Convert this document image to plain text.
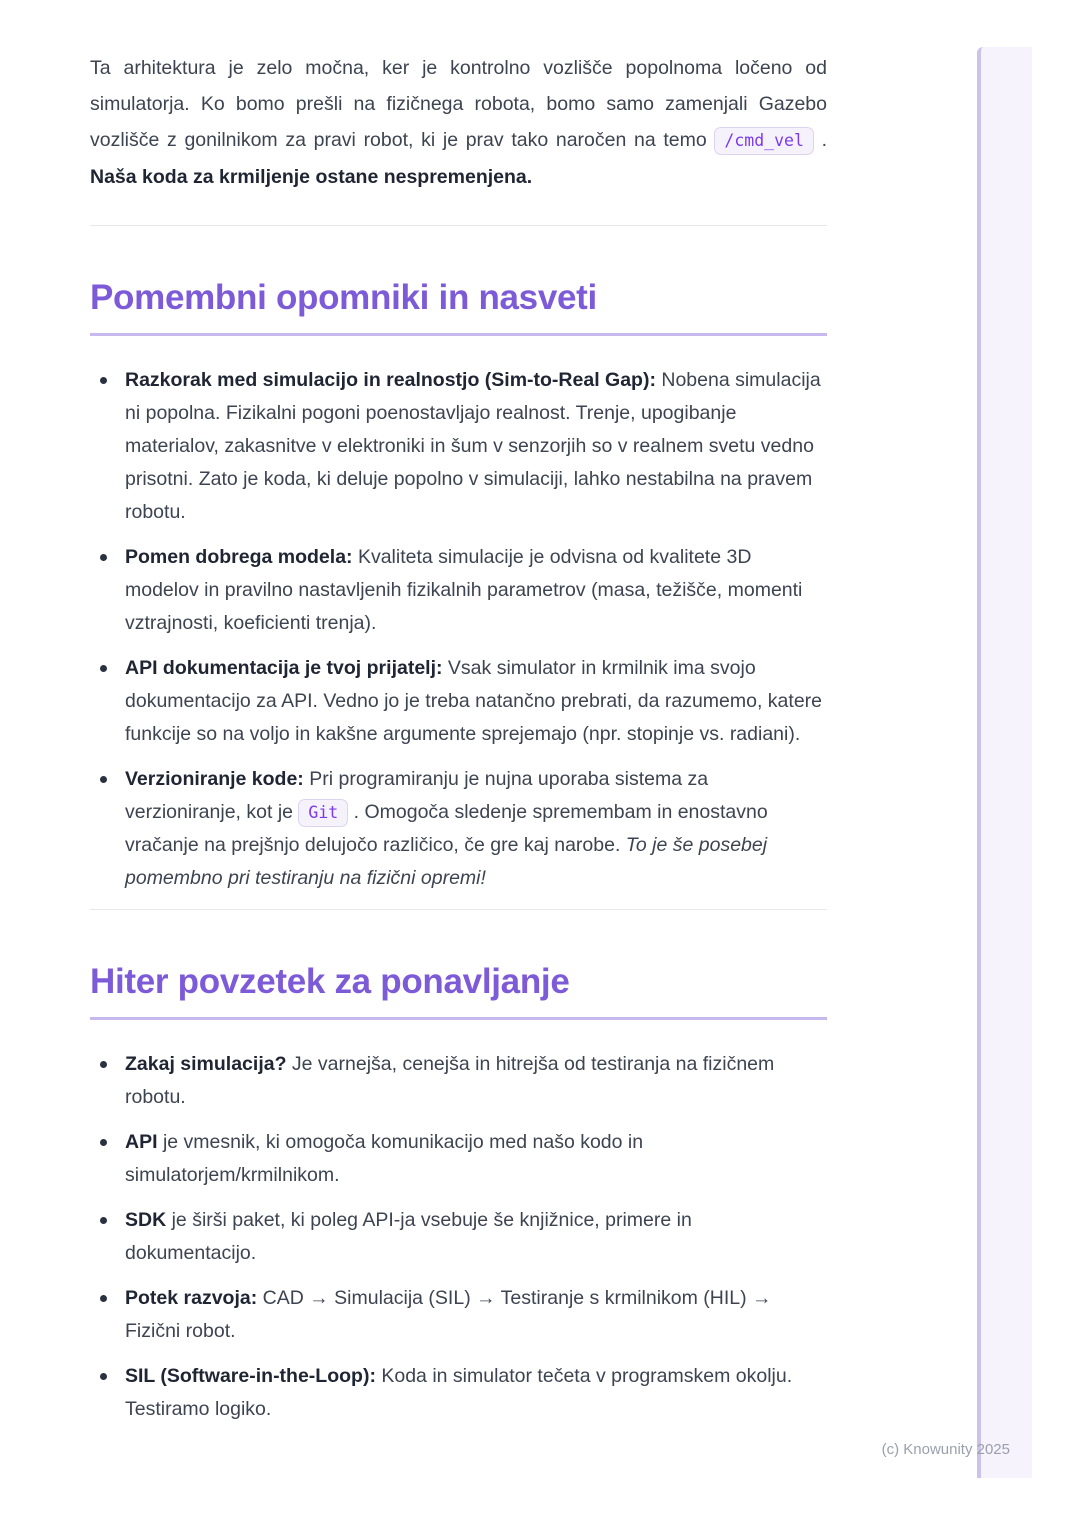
Ta arhitektura je zelo močna, ker je kontrolno vozlišče popolnoma ločeno od simulatorja. Ko bomo prešli na fizičnega robota, bomo samo zamenjali Gazebo vozlišče z gonilnikom za pravi robot, ki je prav tako naročen na temo /cmd_vel . Naša koda za krmiljenje ostane nespremenjena.

Pomembni opomniki in nasveti
Razkorak med simulacijo in realnostjo (Sim-to-Real Gap): Nobena simulacija ni popolna. Fizikalni pogoni poenostavljajo realnost. Trenje, upogibanje materialov, zakasnitve v elektroniki in šum v senzorjih so v realnem svetu vedno prisotni. Zato je koda, ki deluje popolno v simulaciji, lahko nestabilna na pravem robotu.
Pomen dobrega modela: Kvaliteta simulacije je odvisna od kvalitete 3D modelov in pravilno nastavljenih fizikalnih parametrov (masa, težišče, momenti vztrajnosti, koeficienti trenja).
API dokumentacija je tvoj prijatelj: Vsak simulator in krmilnik ima svojo dokumentacijo za API. Vedno jo je treba natančno prebrati, da razumemo, katere funkcije so na voljo in kakšne argumente sprejemajo (npr. stopinje vs. radiani).
Verzioniranje kode: Pri programiranju je nujna uporaba sistema za verzioniranje, kot je Git . Omogoča sledenje spremembam in enostavno vračanje na prejšnjo delujočo različico, če gre kaj narobe. To je še posebej pomembno pri testiranju na fizični opremi!
Hiter povzetek za ponavljanje
Zakaj simulacija? Je varnejša, cenejša in hitrejša od testiranja na fizičnem robotu.
API je vmesnik, ki omogoča komunikacijo med našo kodo in simulatorjem/krmilnikom.
SDK je širši paket, ki poleg API-ja vsebuje še knjižnice, primere in dokumentacijo.
Potek razvoja: CAD → Simulacija (SIL) → Testiranje s krmilnikom (HIL) → Fizični robot.
SIL (Software-in-the-Loop): Koda in simulator tečeta v programskem okolju. Testiramo logiko.
(c) Knowunity 2025
